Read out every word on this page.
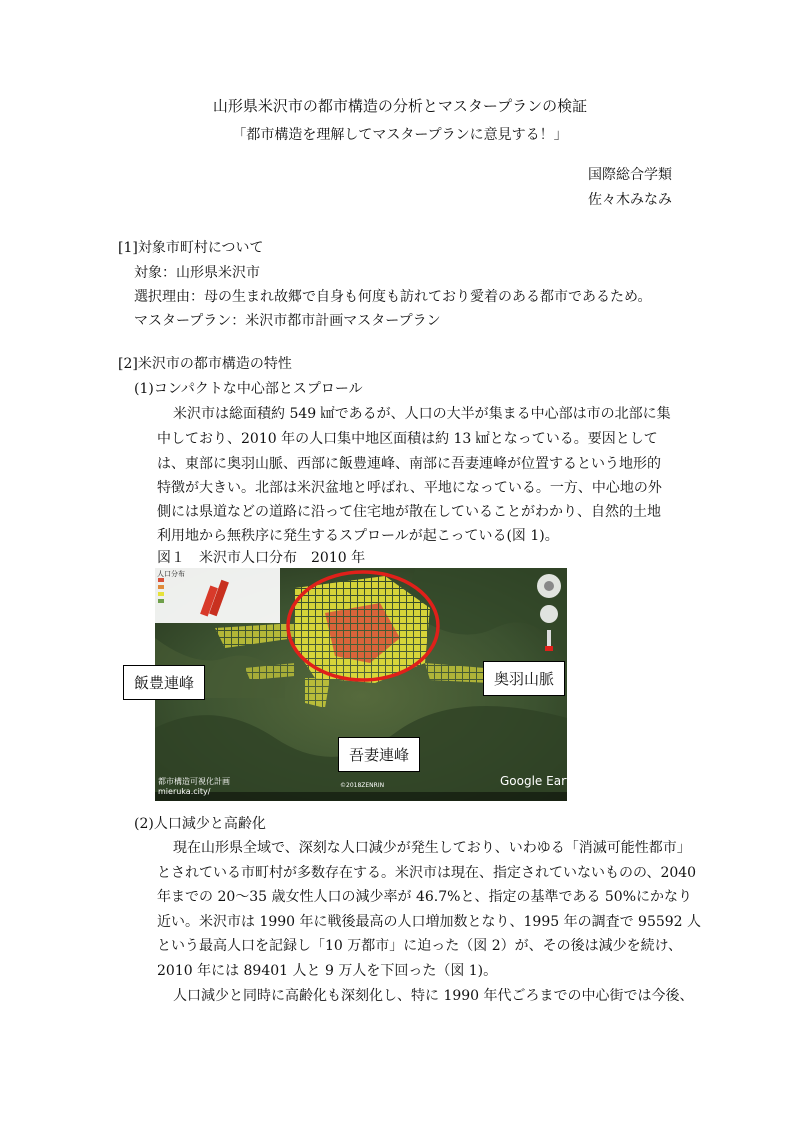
山形県米沢市の都市構造の分析とマスタープランの検証
「都市構造を理解してマスタープランに意見する！」
国際総合学類
佐々木みなみ
[1]対象市町村について
対象：山形県米沢市
選択理由：母の生まれ故郷で自身も何度も訪れており愛着のある都市であるため。
マスタープラン：米沢市都市計画マスタープラン
[2]米沢市の都市構造の特性
(1)コンパクトな中心部とスプロール
米沢市は総面積約 549 ㎢であるが、人口の大半が集まる中心部は市の北部に集
中しており、2010 年の人口集中地区面積は約 13 ㎢となっている。要因として
は、東部に奥羽山脈、西部に飯豊連峰、南部に吾妻連峰が位置するという地形的
特徴が大きい。北部は米沢盆地と呼ばれ、平地になっている。一方、中心地の外
側には県道などの道路に沿って住宅地が散在していることがわかり、自然的土地
利用地から無秩序に発生するスプロールが起こっている(図 1)。
図１　米沢市人口分布　2010 年
人口分布
Google Earth
都市構造可視化計画
mieruka.city/
©2018ZENRIN
飯豊連峰	奥羽山脈
吾妻連峰
(2)人口減少と高齢化
現在山形県全域で、深刻な人口減少が発生しており、いわゆる「消滅可能性都市」
とされている市町村が多数存在する。米沢市は現在、指定されていないものの、2040
年までの 20〜35 歳女性人口の減少率が 46.7%と、指定の基準である 50%にかなり
近い。米沢市は 1990 年に戦後最高の人口増加数となり、1995 年の調査で 95592 人
という最高人口を記録し「10 万都市」に迫った（図 2）が、その後は減少を続け、
2010 年には 89401 人と 9 万人を下回った（図 1)。
人口減少と同時に高齢化も深刻化し、特に 1990 年代ごろまでの中心街では今後、
